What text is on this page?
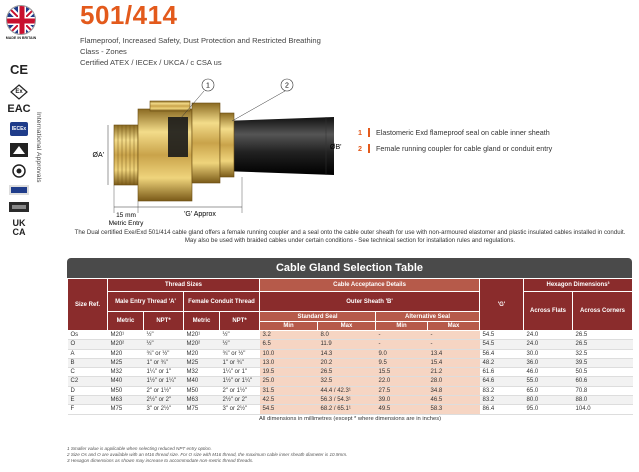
MADE IN BRITAIN
CE
Ex
EAC
IECEx
UKCA
International Approvals
501/414
Flameproof, Increased Safety, Dust Protection and Restricted Breathing
Class - Zones
Certified ATEX / IECEx / UKCA / c CSA us
1	2
ØA'
ØB'
'G' Approx
15 mm
Metric Entry
1	Elastomeric Exd flameproof seal on cable inner sheath
2	Female running coupler for cable gland or conduit entry
The Dual certified Exe/Exd 501/414 cable gland offers a female running coupler and a seal onto the cable outer sheath for use with non-armoured elastomer and plastic insulated cables installed in conduit. May also be used with braided cables under certain conditions - See technical section for installation rules and regulations.
Cable Gland Selection Table
Size Ref.	Thread Sizes				Cable Acceptance Details				'G'	Hexagon Dimensions³	
	Male Entry Thread 'A'		Female Conduit Thread		Outer Sheath 'B'					Across Flats	Across Corners
	Metric	NPT*	Metric	NPT*	Standard Seal		Alternative Seal				
					Min	Max	Min	Max			
Os	M20¹	½"	M20¹	½"	3.2	8.0	-	-	54.5	24.0	26.5
O	M20²	½"	M20²	½"	6.5	11.9	-	-	54.5	24.0	26.5
A	M20	¾" or ½"	M20	¾" or ½"	10.0	14.3	9.0	13.4	56.4	30.0	32.5
B	M25	1" or ¾"	M25	1" or ¾"	13.0	20.2	9.5	15.4	48.2	36.0	39.5
C	M32	1¼" or 1"	M32	1¼" or 1"	19.5	26.5	15.5	21.2	61.6	46.0	50.5
C2	M40	1½" or 1¼"	M40	1½" or 1¼"	25.0	32.5	22.0	28.0	64.6	55.0	60.6
D	M50	2" or 1½"	M50	2" or 1½"	31.5	44.4 / 42.3¹	27.5	34.8	83.2	65.0	70.8
E	M63	2½" or 2"	M63	2½" or 2"	42.5	56.3 / 54.3¹	39.0	46.5	83.2	80.0	88.0
F	M75	3" or 2½"	M75	3" or 2½"	54.5	68.2 / 65.1¹	49.5	58.3	86.4	95.0	104.0
All dimensions in millimetres (except * where dimensions are in inches)											
1 Smaller value is applicable when selecting reduced NPT entry option.
2 Size Os and O are available with an M16 thread size. For O size with M16 thread, the maximum cable inner sheath diameter is 10.9mm.
3 Hexagon dimensions as shown may increase to accommodate non-metric thread threads.
